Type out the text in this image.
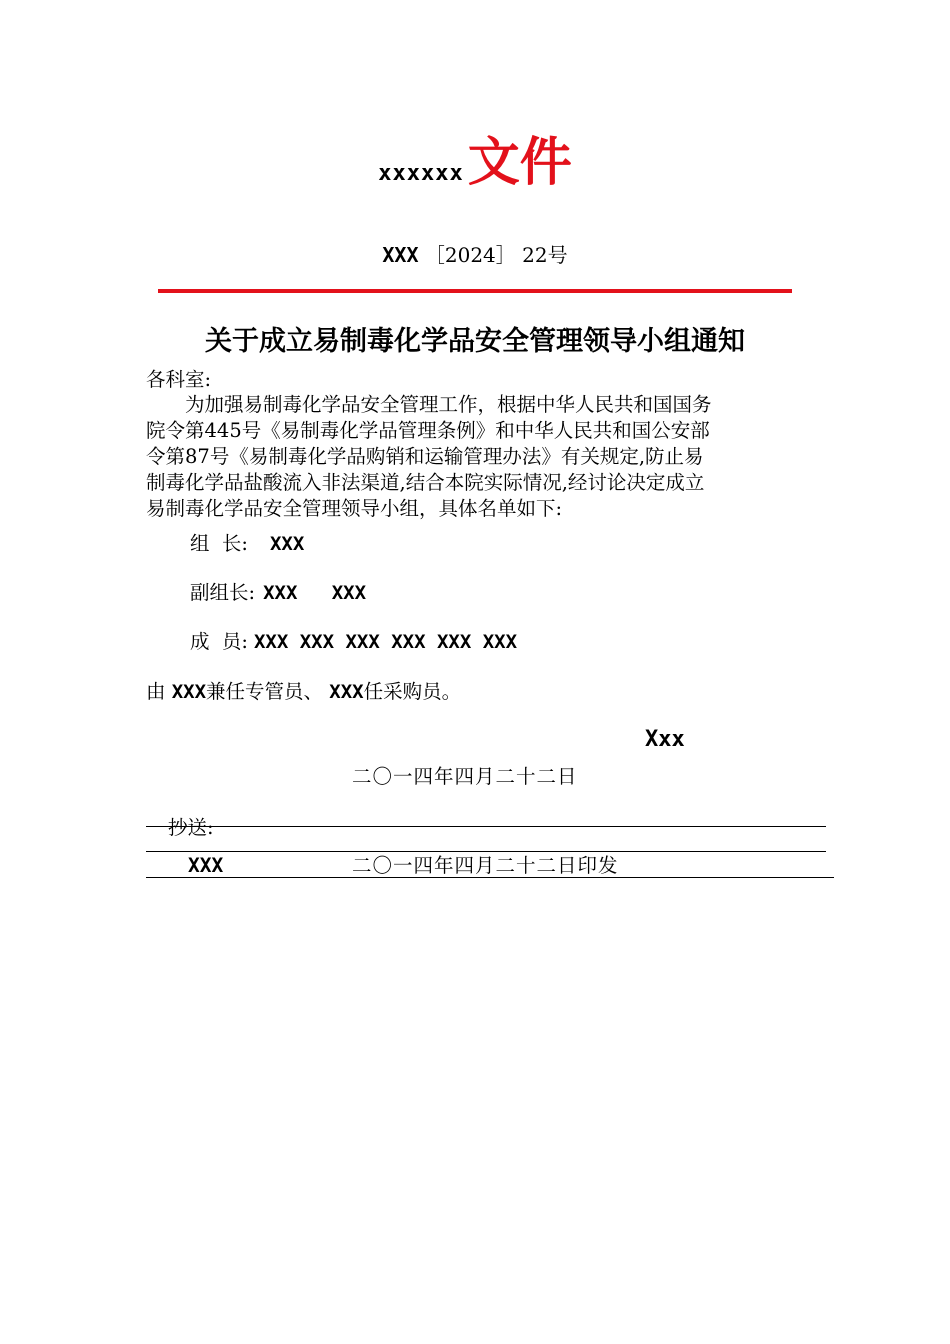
xxxxxx文件
XXX ［2024］ 22号
关于成立易制毒化学品安全管理领导小组通知
各科室:
　　为加强易制毒化学品安全管理工作，根据中华人民共和国国务
院令第445号《易制毒化学品管理条例》和中华人民共和国公安部
令第87号《易制毒化学品购销和运输管理办法》有关规定,防止易
制毒化学品盐酸流入非法渠道,结合本院实际情况,经讨论决定成立
易制毒化学品安全管理领导小组，具体名单如下:
组  长: XXX
副组长: XXX   XXX
成  员: XXX XXX XXX XXX XXX XXX
由 XXX兼任专管员、 XXX任采购员。
Xxx
二〇一四年四月二十二日
抄送:
XXX	二〇一四年四月二十二日印发
